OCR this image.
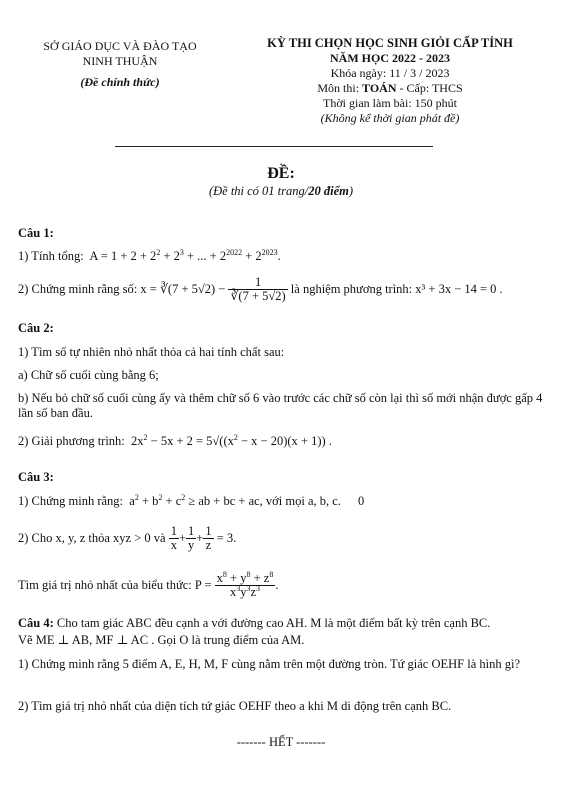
SỞ GIÁO DỤC VÀ ĐÀO TẠO
NINH THUẬN
(Đề chính thức)
KỲ THI CHỌN HỌC SINH GIỎI CẤP TỈNH
NĂM HỌC 2022 - 2023
Khóa ngày: 11 / 3 / 2023
Môn thi: TOÁN - Cấp: THCS
Thời gian làm bài: 150 phút
(Không kể thời gian phát đề)
ĐỀ:
(Đề thi có 01 trang/20 điểm)
Câu 1:
1) Tính tổng: $A = 1 + 2 + 2^2 + 2^3$ + ... + $2^{2022} + 2^{2023}$.
2) Chứng minh rằng số:
x = ∛(7 + $5√2) - \frac{1}{∛(7 + 5√2)}$
là nghiệm phương trình:
x³ + 3x − 14 = 0 .
Câu 2:
1) Tìm số tự nhiên nhỏ nhất thỏa cả hai tính chất sau:
a) Chữ số cuối cùng bằng 6;
b) Nếu bỏ chữ số cuối cùng ấy và thêm chữ số 6 vào trước các chữ số còn lại thì số mới nhận được gấp 4 lần số ban đầu.
2) Giải phương trình: $2x^2 - 5x + 2 = 5√((x^2 - x - 20)(x + 1))$ .
Câu 3:
1) Chứng minh rằng: $a^2 + b^2 + c^2$ ≥ ab + bc + ac, với mọi a, b, c. 0
2) Cho x, y, z thỏa
xyz > 0
và
$\frac{1}{x} + \frac{1}{y} + \frac{1}{z} = 3$.
Tìm giá trị nhỏ nhất của biểu thức:
$P = \frac{x^8 + y^8 + z^8}{x^3y^3z^3}$ .
Câu 4: Cho tam giác ABC đều cạnh a với đường cao AH. M là một điểm bất kỳ trên cạnh BC.
Vẽ ME ⊥ AB, MF ⊥ AC . Gọi O là trung điểm của AM.
1) Chứng minh rằng 5 điểm A, E, H, M, F cùng nằm trên một đường tròn. Tứ giác OEHF là hình gì?
2) Tìm giá trị nhỏ nhất của diện tích tứ giác OEHF theo a khi M di động trên cạnh BC.
------- HẾT -------
